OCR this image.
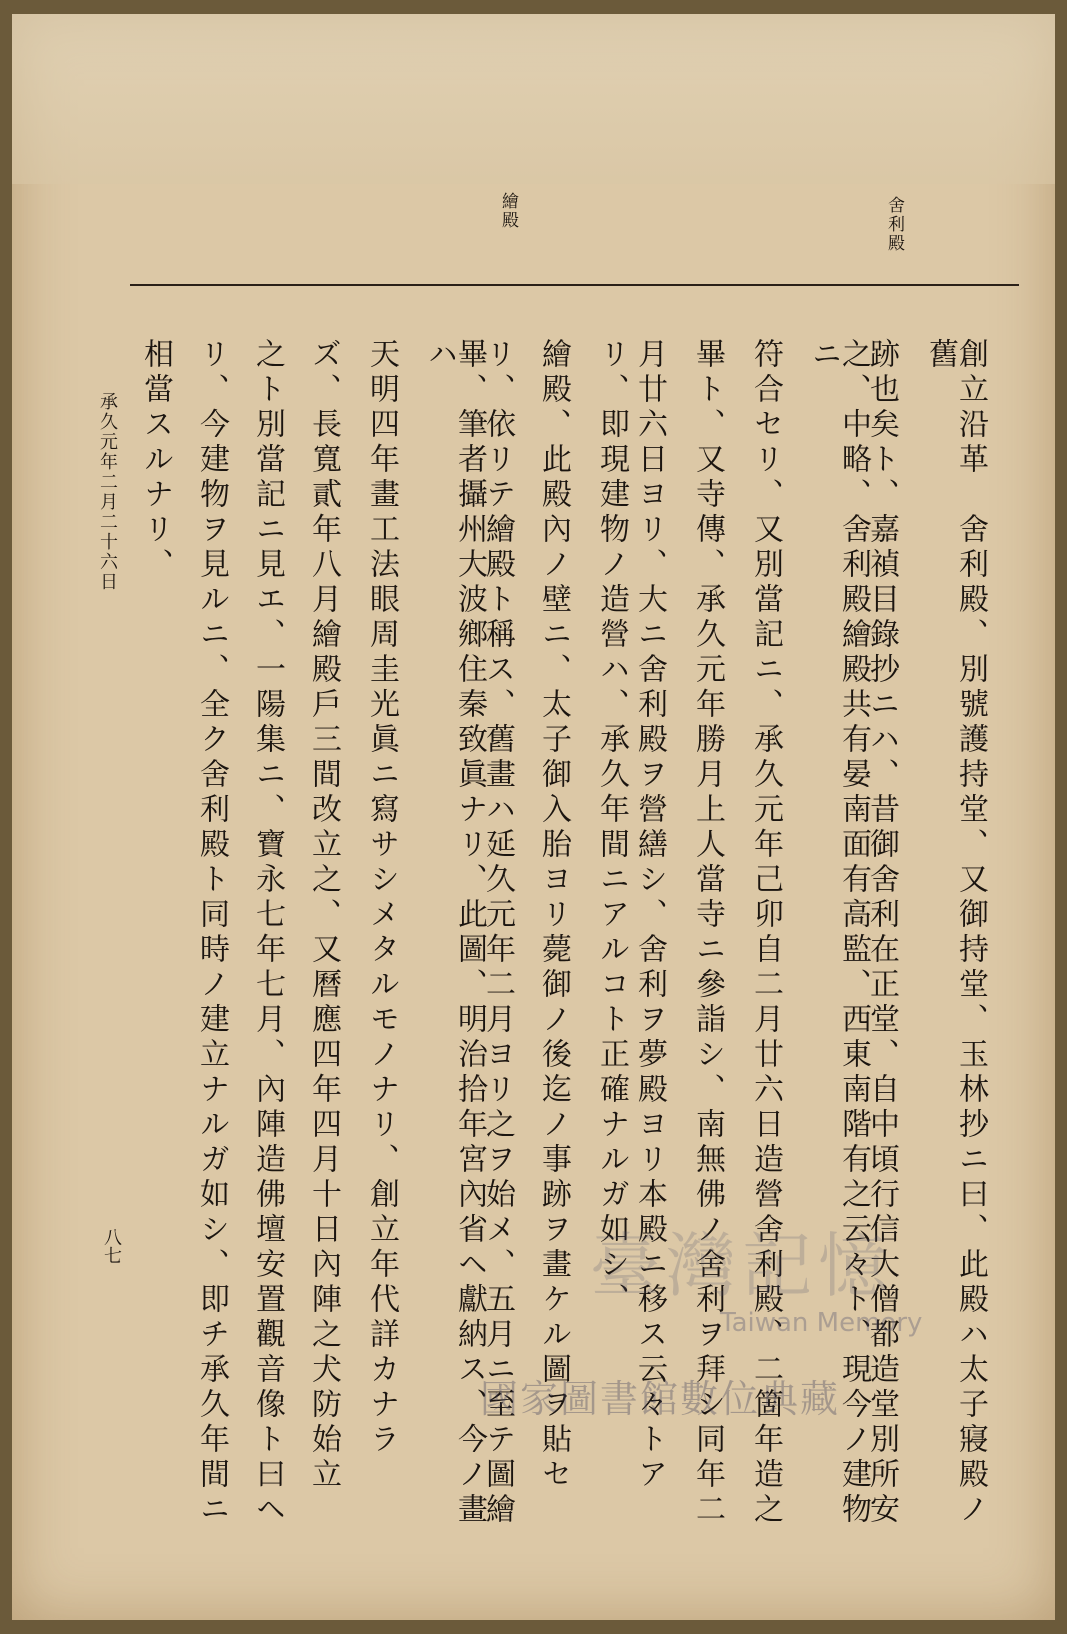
舍利殿
繪殿
創立沿革　舍利殿、別號護持堂、又御持堂、玉林抄ニ曰、此殿ハ太子寢殿ノ舊
跡也矣ト、嘉禎目錄抄ニハ、昔御舍利在正堂、自中頃行信大僧都造堂別所安
之、中略、舍利殿繪殿共有晏南面有高監、西東南階有之云々ト、現今ノ建物ニ
符合セリ、又別當記ニ、承久元年己卯自二月廿六日造營舍利殿、二箇年造之
畢ト、又寺傳、承久元年勝月上人當寺ニ參詣シ、南無佛ノ舍利ヲ拜シ同年二
月廿六日ヨリ、大ニ舍利殿ヲ營繕シ、舍利ヲ夢殿ヨリ本殿ニ移ス云々トア
リ、即現建物ノ造營ハ、承久年間ニアルコト正確ナルガ如シ、
繪殿、此殿內ノ壁ニ、太子御入胎ヨリ薨御ノ後迄ノ事跡ヲ畫ケル圖ヲ貼セ
リ、依リテ繪殿ト稱ス、舊畫ハ延久元年二月ヨリ之ヲ始メ、五月ニ至テ圖繪
畢、筆者攝州大波鄉住秦致眞ナリ、此圖、明治拾年宮內省ヘ獻納ス、今ノ畫ハ
天明四年畫工法眼周圭光眞ニ寫サシメタルモノナリ、創立年代詳カナラ
ズ、長寬貳年八月繪殿戶三間改立之、又曆應四年四月十日內陣之犬防始立
之ト別當記ニ見エ、一陽集ニ、寶永七年七月、內陣造佛壇安置觀音像ト曰ヘ
リ、今建物ヲ見ルニ、全ク舍利殿ト同時ノ建立ナルガ如シ、即チ承久年間ニ
相當スルナリ、
承久元年二月二十六日
八七	臺灣記憶
Taiwan Memory
國家圖書館數位典藏
